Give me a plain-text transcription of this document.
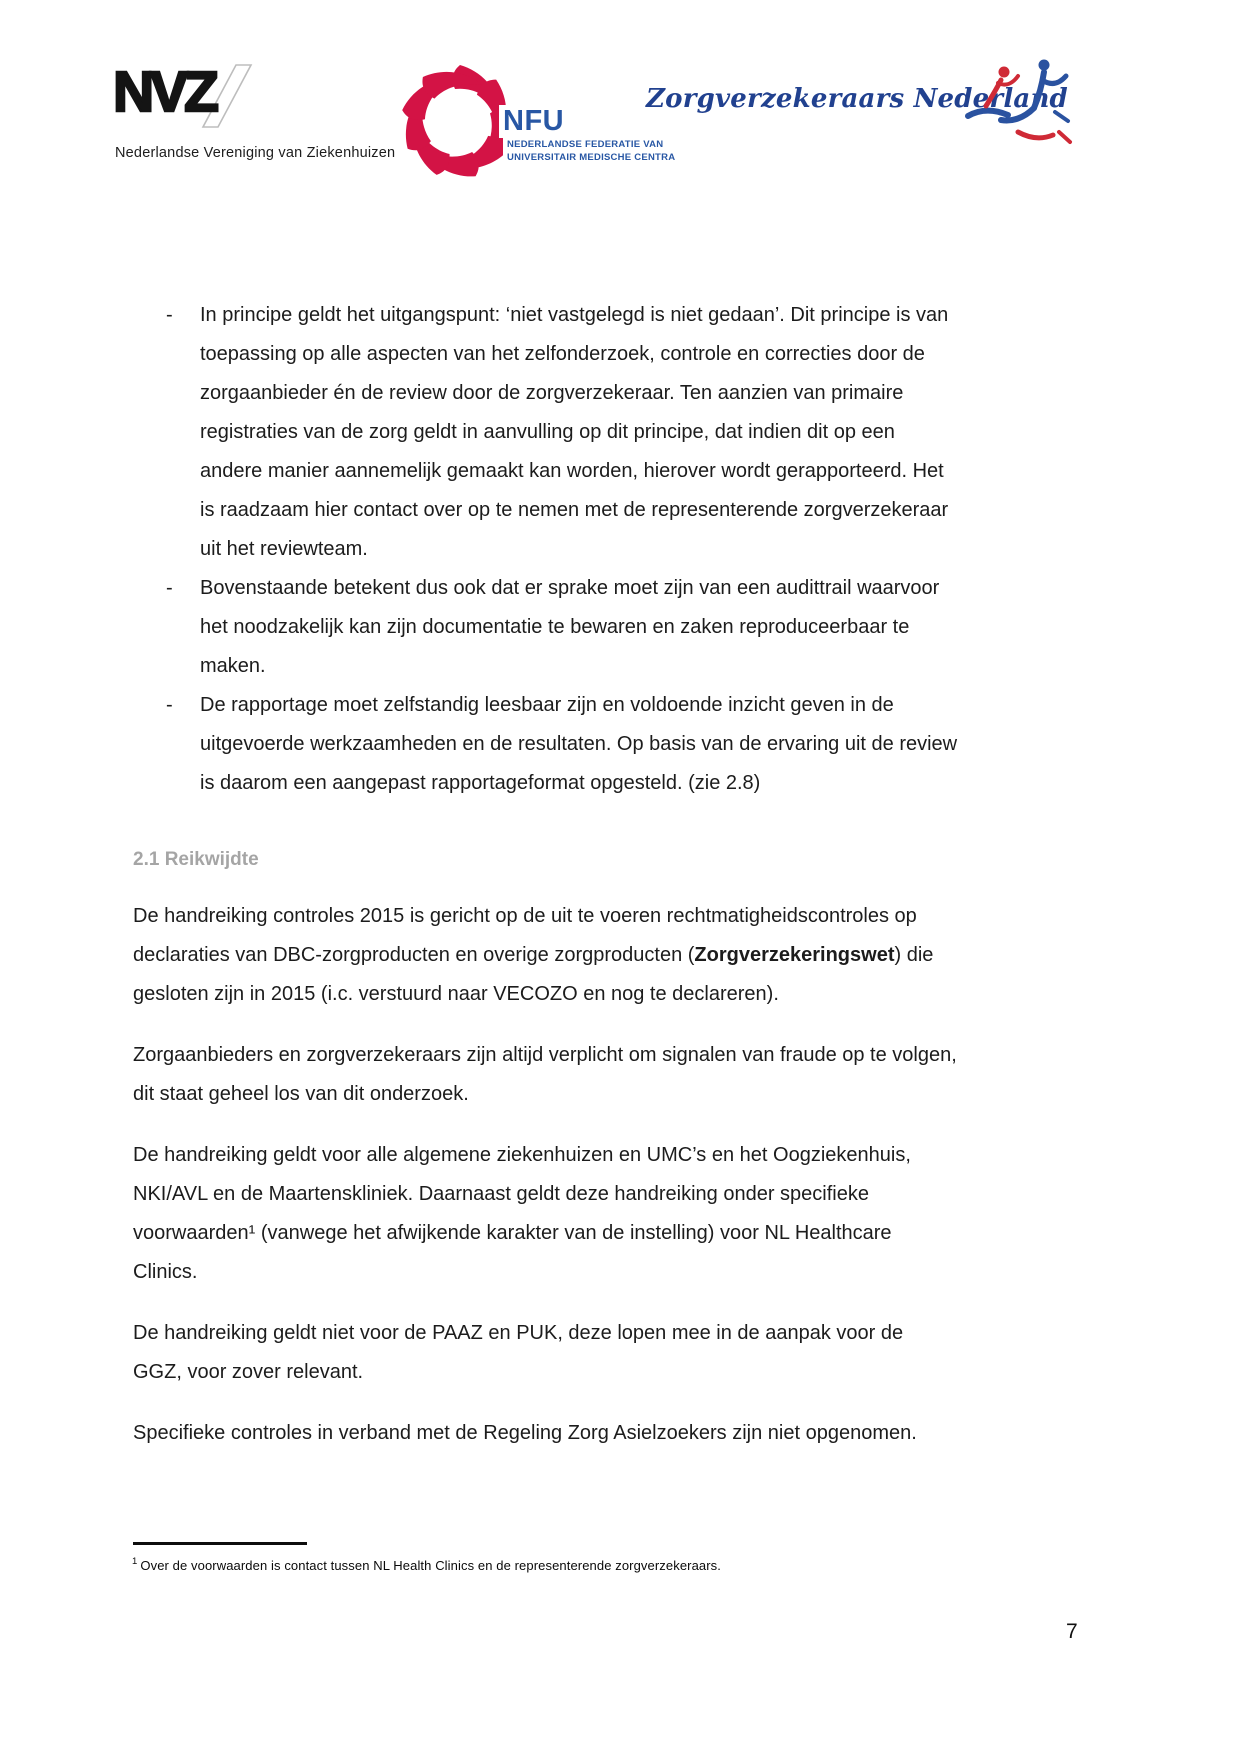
NVZ
Nederlandse Vereniging van Ziekenhuizen
NFU
NEDERLANDSE FEDERATIE VAN
UNIVERSITAIR MEDISCHE CENTRA
Zorgverzekeraars Nederland
-	In principe geldt het uitgangspunt: ‘niet vastgelegd is niet gedaan’. Dit principe is van
toepassing op alle aspecten van het zelfonderzoek, controle en correcties door de
zorgaanbieder én de review door de zorgverzekeraar. Ten aanzien van primaire
registraties van de zorg geldt in aanvulling op dit principe, dat indien dit op een
andere manier aannemelijk gemaakt kan worden, hierover wordt gerapporteerd. Het
is raadzaam hier contact over op te nemen met de representerende zorgverzekeraar
uit het reviewteam.
-	Bovenstaande betekent dus ook dat er sprake moet zijn van een audittrail waarvoor
het noodzakelijk kan zijn documentatie te bewaren en zaken reproduceerbaar te
maken.
-	De rapportage moet zelfstandig leesbaar zijn en voldoende inzicht geven in de
uitgevoerde werkzaamheden en de resultaten. Op basis van de ervaring uit de review
is daarom een aangepast rapportageformat opgesteld. (zie 2.8)
2.1 Reikwijdte

De handreiking controles 2015 is gericht op de uit te voeren rechtmatigheidscontroles op
declaraties van DBC-zorgproducten en overige zorgproducten (Zorgverzekeringswet) die
gesloten zijn in 2015 (i.c. verstuurd naar VECOZO en nog te declareren).

Zorgaanbieders en zorgverzekeraars zijn altijd verplicht om signalen van fraude op te volgen,
dit staat geheel los van dit onderzoek.

De handreiking geldt voor alle algemene ziekenhuizen en UMC’s en het Oogziekenhuis,
NKI/AVL en de Maartenskliniek. Daarnaast geldt deze handreiking onder specifieke
voorwaarden¹ (vanwege het afwijkende karakter van de instelling) voor NL Healthcare
Clinics.

De handreiking geldt niet voor de PAAZ en PUK, deze lopen mee in de aanpak voor de
GGZ, voor zover relevant.

Specifieke controles in verband met de Regeling Zorg Asielzoekers zijn niet opgenomen.

$^1$ Over de voorwaarden is contact tussen NL Health Clinics en de representerende zorgverzekeraars.
7
